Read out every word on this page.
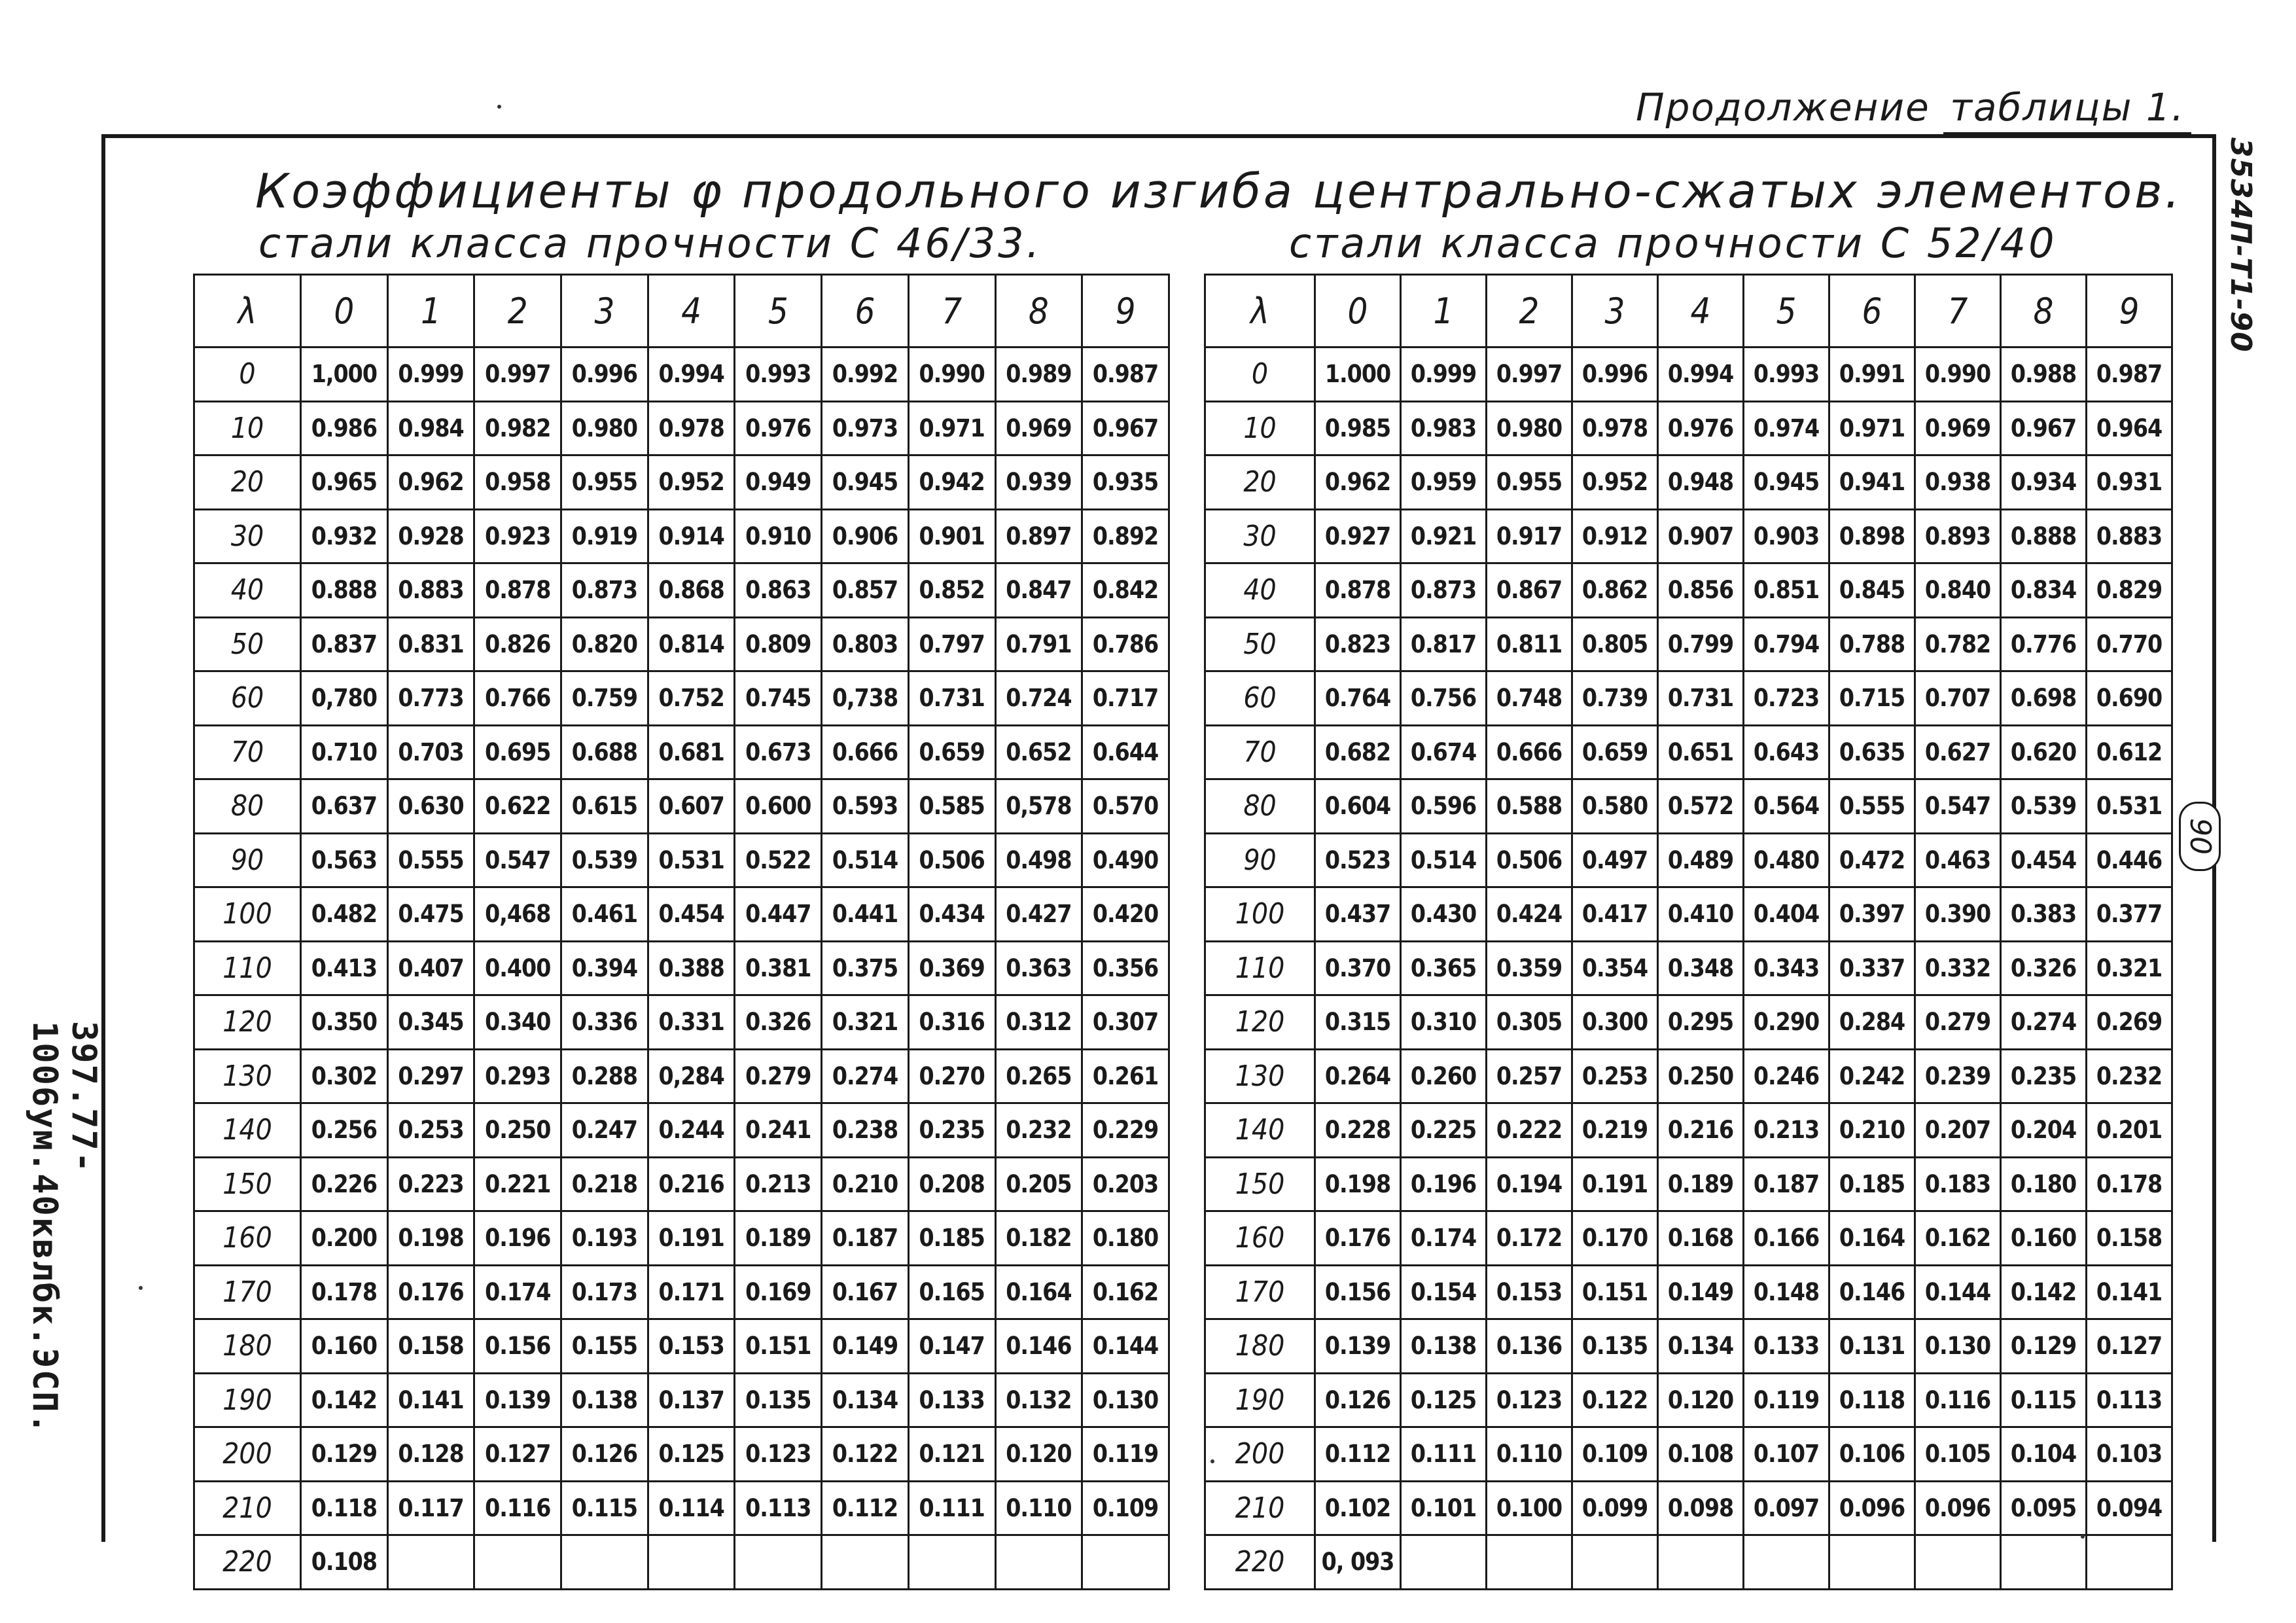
Продолжение таблицы 1.
3534П-Т1-90
90
397.77-1006ум.40квлбк.ЭСП.
Коэффициенты φ продольного изгиба центрально-сжатых элементов.
стали класса прочности С 46/33.	стали класса прочности С 52/40
λ	0	1	2	3	4	5	6	7	8	9
0	1,000	0.999	0.997	0.996	0.994	0.993	0.992	0.990	0.989	0.987
10	0.986	0.984	0.982	0.980	0.978	0.976	0.973	0.971	0.969	0.967
20	0.965	0.962	0.958	0.955	0.952	0.949	0.945	0.942	0.939	0.935
30	0.932	0.928	0.923	0.919	0.914	0.910	0.906	0.901	0.897	0.892
40	0.888	0.883	0.878	0.873	0.868	0.863	0.857	0.852	0.847	0.842
50	0.837	0.831	0.826	0.820	0.814	0.809	0.803	0.797	0.791	0.786
60	0,780	0.773	0.766	0.759	0.752	0.745	0,738	0.731	0.724	0.717
70	0.710	0.703	0.695	0.688	0.681	0.673	0.666	0.659	0.652	0.644
80	0.637	0.630	0.622	0.615	0.607	0.600	0.593	0.585	0,578	0.570
90	0.563	0.555	0.547	0.539	0.531	0.522	0.514	0.506	0.498	0.490
100	0.482	0.475	0,468	0.461	0.454	0.447	0.441	0.434	0.427	0.420
110	0.413	0.407	0.400	0.394	0.388	0.381	0.375	0.369	0.363	0.356
120	0.350	0.345	0.340	0.336	0.331	0.326	0.321	0.316	0.312	0.307
130	0.302	0.297	0.293	0.288	0,284	0.279	0.274	0.270	0.265	0.261
140	0.256	0.253	0.250	0.247	0.244	0.241	0.238	0.235	0.232	0.229
150	0.226	0.223	0.221	0.218	0.216	0.213	0.210	0.208	0.205	0.203
160	0.200	0.198	0.196	0.193	0.191	0.189	0.187	0.185	0.182	0.180
170	0.178	0.176	0.174	0.173	0.171	0.169	0.167	0.165	0.164	0.162
180	0.160	0.158	0.156	0.155	0.153	0.151	0.149	0.147	0.146	0.144
190	0.142	0.141	0.139	0.138	0.137	0.135	0.134	0.133	0.132	0.130
200	0.129	0.128	0.127	0.126	0.125	0.123	0.122	0.121	0.120	0.119
210	0.118	0.117	0.116	0.115	0.114	0.113	0.112	0.111	0.110	0.109
220	0.108									
λ	0	1	2	3	4	5	6	7	8	9
0	1.000	0.999	0.997	0.996	0.994	0.993	0.991	0.990	0.988	0.987
10	0.985	0.983	0.980	0.978	0.976	0.974	0.971	0.969	0.967	0.964
20	0.962	0.959	0.955	0.952	0.948	0.945	0.941	0.938	0.934	0.931
30	0.927	0.921	0.917	0.912	0.907	0.903	0.898	0.893	0.888	0.883
40	0.878	0.873	0.867	0.862	0.856	0.851	0.845	0.840	0.834	0.829
50	0.823	0.817	0.811	0.805	0.799	0.794	0.788	0.782	0.776	0.770
60	0.764	0.756	0.748	0.739	0.731	0.723	0.715	0.707	0.698	0.690
70	0.682	0.674	0.666	0.659	0.651	0.643	0.635	0.627	0.620	0.612
80	0.604	0.596	0.588	0.580	0.572	0.564	0.555	0.547	0.539	0.531
90	0.523	0.514	0.506	0.497	0.489	0.480	0.472	0.463	0.454	0.446
100	0.437	0.430	0.424	0.417	0.410	0.404	0.397	0.390	0.383	0.377
110	0.370	0.365	0.359	0.354	0.348	0.343	0.337	0.332	0.326	0.321
120	0.315	0.310	0.305	0.300	0.295	0.290	0.284	0.279	0.274	0.269
130	0.264	0.260	0.257	0.253	0.250	0.246	0.242	0.239	0.235	0.232
140	0.228	0.225	0.222	0.219	0.216	0.213	0.210	0.207	0.204	0.201
150	0.198	0.196	0.194	0.191	0.189	0.187	0.185	0.183	0.180	0.178
160	0.176	0.174	0.172	0.170	0.168	0.166	0.164	0.162	0.160	0.158
170	0.156	0.154	0.153	0.151	0.149	0.148	0.146	0.144	0.142	0.141
180	0.139	0.138	0.136	0.135	0.134	0.133	0.131	0.130	0.129	0.127
190	0.126	0.125	0.123	0.122	0.120	0.119	0.118	0.116	0.115	0.113
200	0.112	0.111	0.110	0.109	0.108	0.107	0.106	0.105	0.104	0.103
210	0.102	0.101	0.100	0.099	0.098	0.097	0.096	0.096	0.095	0.094
220	0, 093									
